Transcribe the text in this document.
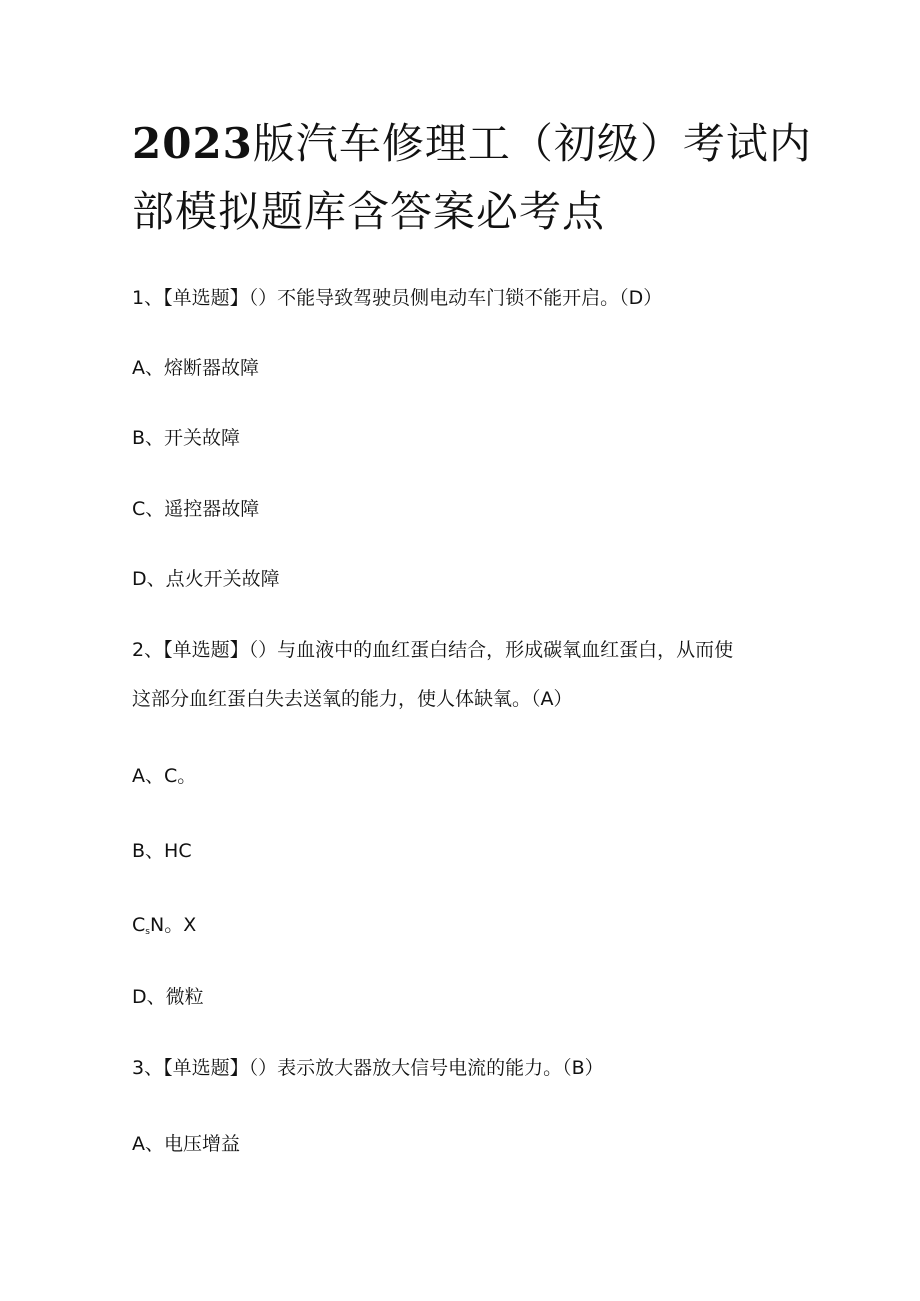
2023版汽车修理工（初级）考试内
部模拟题库含答案必考点

1、【单选题】（）不能导致驾驶员侧电动车门锁不能开启。（D）

A、熔断器故障

B、开关故障

C、遥控器故障

D、点火开关故障

2、【单选题】（）与血液中的血红蛋白结合，形成碳氧血红蛋白，从而使

这部分血红蛋白失去送氧的能力，使人体缺氧。（A）

A、C。

B、HC

$C_sN$。X

D、微粒

3、【单选题】（）表示放大器放大信号电流的能力。（B）

A、电压增益
